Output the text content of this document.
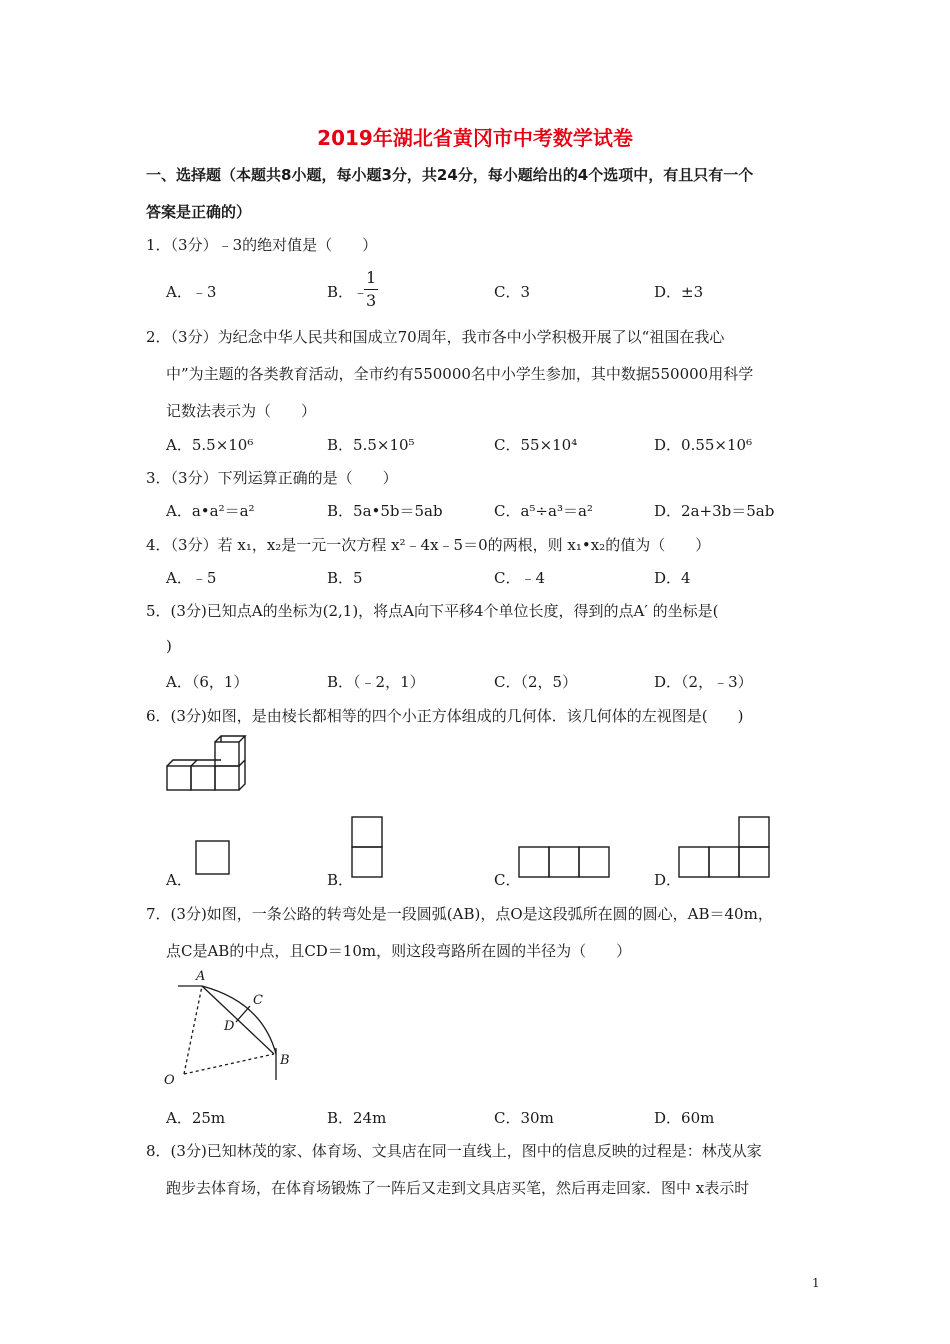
2019年湖北省黄冈市中考数学试卷
一、选择题（本题共8小题，每小题3分，共24分，每小题给出的4个选项中，有且只有一个
答案是正确的）
1．（3分）﹣3的绝对值是（　　）
A．﹣3	B． ﹣
1
3	C．3	D．±3
2．（3分）为纪念中华人民共和国成立70周年，我市各中小学积极开展了以“祖国在我心
中”为主题的各类教育活动，全市约有550000名中小学生参加，其中数据550000用科学
记数法表示为（　　）
A．5.5×10⁶	B．5.5×10⁵	C．55×10⁴	D．0.55×10⁶
3．（3分）下列运算正确的是（　　）
A．a•a²＝a²	B．5a•5b＝5ab	C．a⁵÷a³＝a²	D．2a+3b＝5ab
4．（3分）若 x₁，x₂是一元一次方程 x²﹣4x﹣5＝0的两根，则 x₁•x₂的值为（　　）
A．﹣5	B．5	C．﹣4	D．4
5．(3分)已知点A的坐标为(2,1)，将点A向下平移4个单位长度，得到的点A′ 的坐标是(
)
A．（6，1）	B．（﹣2，1）	C．（2，5）	D．（2，﹣3）
6．(3分)如图，是由棱长都相等的四个小正方体组成的几何体．该几何体的左视图是(　　)
A．	B．	C．	D．
7．(3分)如图，一条公路的转弯处是一段圆弧(AB)，点O是这段弧所在圆的圆心，AB＝40m，
点C是AB的中点，且CD＝10m，则这段弯路所在圆的半径为（　　）
A
C
D
B
O
A．25m	B．24m	C．30m	D．60m
8．(3分)已知林茂的家、体育场、文具店在同一直线上，图中的信息反映的过程是：林茂从家
跑步去体育场，在体育场锻炼了一阵后又走到文具店买笔，然后再走回家．图中 x表示时
1
